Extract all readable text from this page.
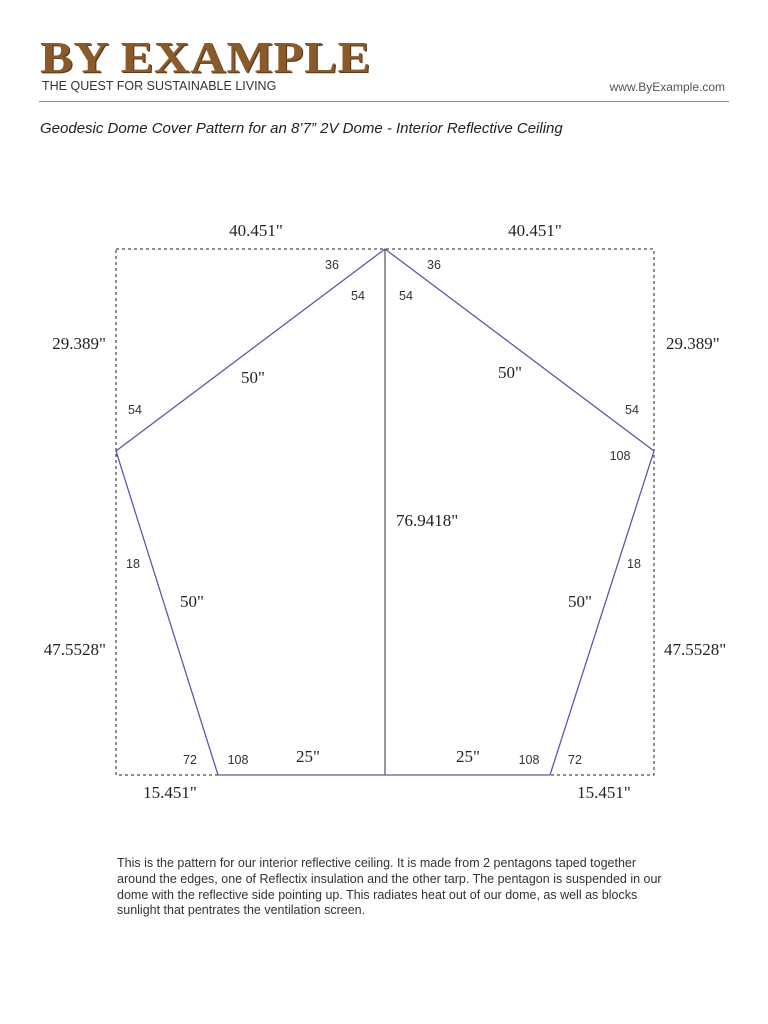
BY EXAMPLE
THE QUEST FOR SUSTAINABLE LIVING	www.ByExample.com
Geodesic Dome Cover Pattern for an 8’7” 2V Dome - Interior Reflective Ceiling
40.451"	40.451"
29.389"	29.389"
47.5528"	47.5528"
15.451"	15.451"
76.9418"
50"	50"
50"	50"
25"	25"
36
54
36
54
54
18
54
108
18
72 108	108 72
This is the pattern for our interior reflective ceiling. It is made from 2 pentagons taped together around the edges, one of Reflectix insulation and the other tarp. The pentagon is suspended in our dome with the reflective side pointing up. This radiates heat out of our dome, as well as blocks sunlight that pentrates the ventilation screen.
